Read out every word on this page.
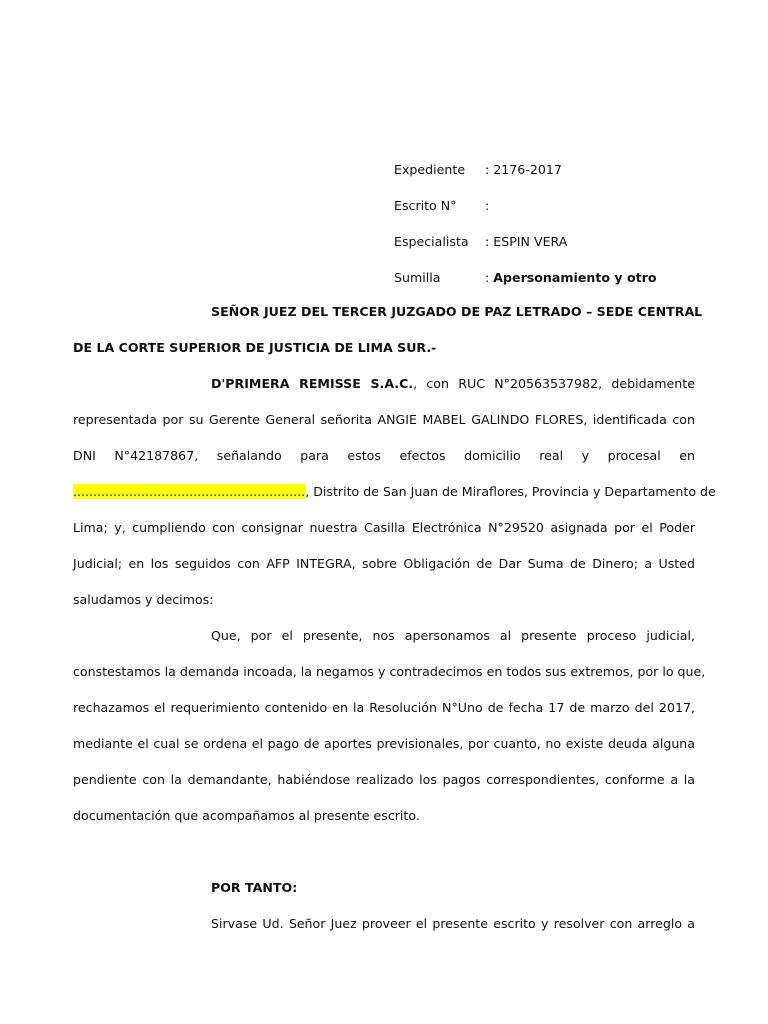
Expediente : 2176-2017
Escrito N° :
Especialista : ESPIN VERA
Sumilla	: Apersonamiento y otro
SEÑOR JUEZ DEL TERCER JUZGADO DE PAZ LETRADO – SEDE CENTRAL
DE LA CORTE SUPERIOR DE JUSTICIA DE LIMA SUR.-
D'PRIMERA REMISSE S.A.C., con RUC N°20563537982, debidamente
representada por su Gerente General señorita ANGIE MABEL GALINDO FLORES, identificada con
DNI N°42187867, señalando para estos efectos domicilio real y procesal en
.........................................................., Distrito de San Juan de Miraflores, Provincia y Departamento de
Lima; y, cumpliendo con consignar nuestra Casilla Electrónica N°29520 asignada por el Poder
Judicial; en los seguidos con AFP INTEGRA, sobre Obligación de Dar Suma de Dinero; a Usted
saludamos y decimos:
Que, por el presente, nos apersonamos al presente proceso judicial,
constestamos la demanda incoada, la negamos y contradecimos en todos sus extremos, por lo que,
rechazamos el requerimiento contenido en la Resolución N°Uno de fecha 17 de marzo del 2017,
mediante el cual se ordena el pago de aportes previsionales, por cuanto, no existe deuda alguna
pendiente con la demandante, habiéndose realizado los pagos correspondientes, conforme a la
documentación que acompañamos al presente escrito.
POR TANTO:
Sirvase Ud. Señor Juez proveer el presente escrito y resolver con arreglo a
